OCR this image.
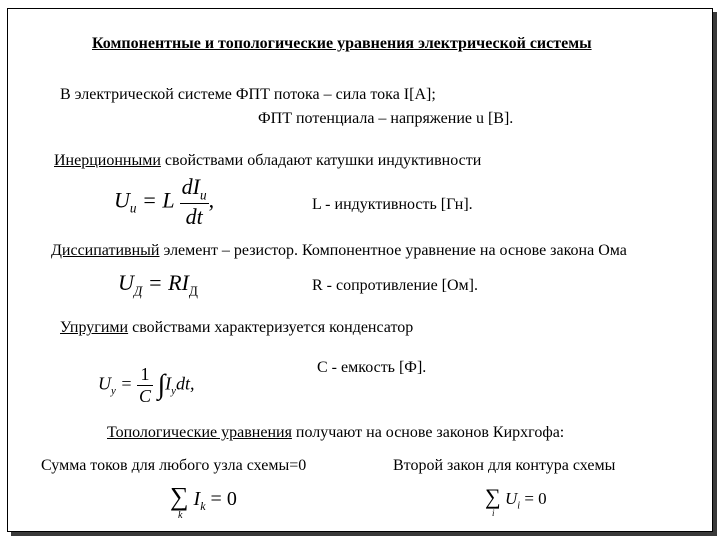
Компонентные и топологические уравнения электрической системы
В электрической системе ФПТ потока – сила тока I[A];
ФПТ потенциала – напряжение u [В].
Инерционными свойствами обладают катушки индуктивности
$U_и = L \frac{dI_и}{dt}$ ,	L - индуктивность [Гн].
Диссипативный элемент – резистор. Компонентное уравнение на основе закона Ома
$U_Д = RI_Д$	R - сопротивление [Ом].
Упругими свойствами характеризуется конденсатор
C - емкость [Ф].
$U_у = \frac{1}{C} \int I_уdt$,
Топологические уравнения получают на основе законов Кирхгофа:
Сумма токов для любого узла схемы=0	Второй закон для контура схемы
∑
k
$I_k = 0$	∑
i
$U_i = 0$
